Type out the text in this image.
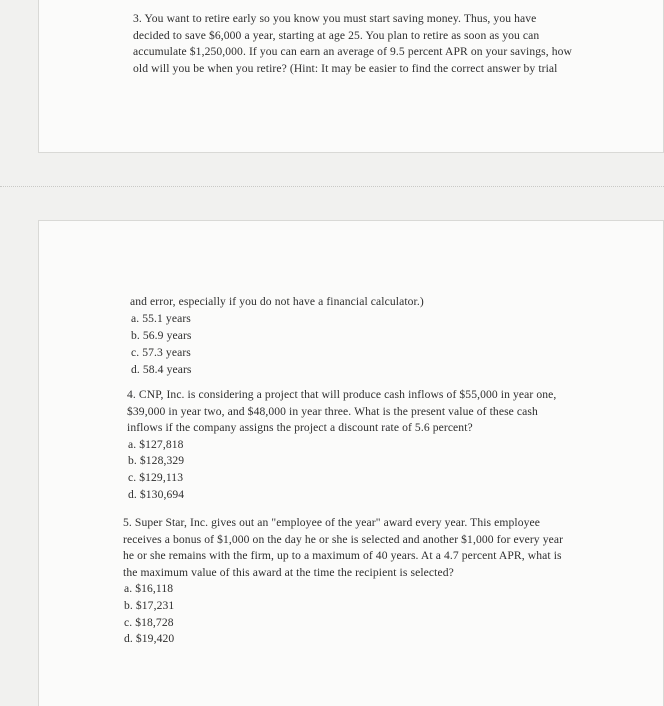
3. You want to retire early so you know you must start saving money. Thus, you have
decided to save $6,000 a year, starting at age 25. You plan to retire as soon as you can
accumulate $1,250,000. If you can earn an average of 9.5 percent APR on your savings, how
old will you be when you retire? (Hint: It may be easier to find the correct answer by trial
and error, especially if you do not have a financial calculator.)
a. 55.1 years
b. 56.9 years
c. 57.3 years
d. 58.4 years
4. CNP, Inc. is considering a project that will produce cash inflows of $55,000 in year one,
$39,000 in year two, and $48,000 in year three. What is the present value of these cash
inflows if the company assigns the project a discount rate of 5.6 percent?
a. $127,818
b. $128,329
c. $129,113
d. $130,694
5. Super Star, Inc. gives out an "employee of the year" award every year. This employee
receives a bonus of $1,000 on the day he or she is selected and another $1,000 for every year
he or she remains with the firm, up to a maximum of 40 years. At a 4.7 percent APR, what is
the maximum value of this award at the time the recipient is selected?
a. $16,118
b. $17,231
c. $18,728
d. $19,420
